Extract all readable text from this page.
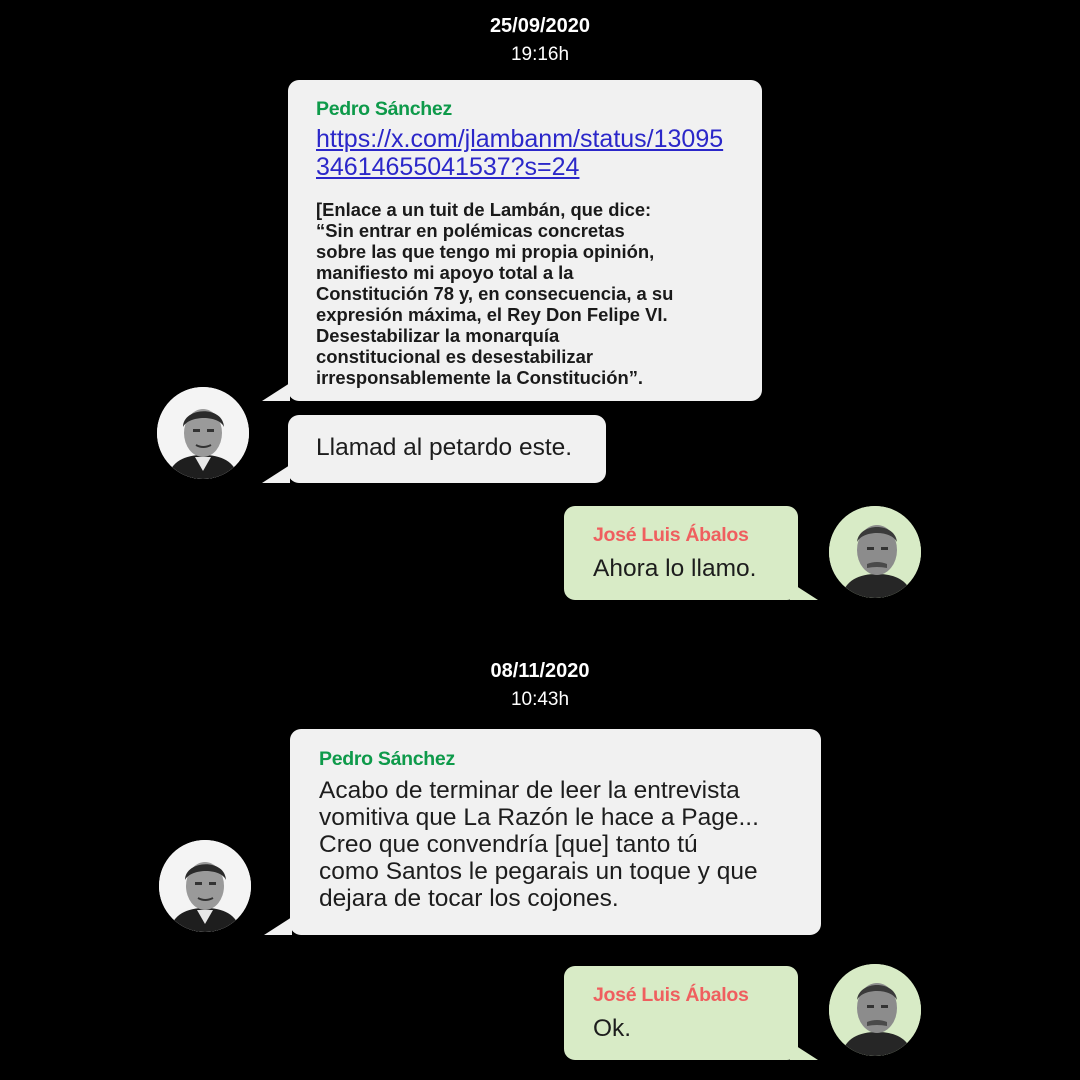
25/09/2020
19:16h
Pedro Sánchez
https://x.com/jlambanm/status/1309534614655041537?s=24
[Enlace a un tuit de Lambán, que dice:
“Sin entrar en polémicas concretas
sobre las que tengo mi propia opinión,
manifiesto mi apoyo total a la
Constitución 78 y, en consecuencia, a su
expresión máxima, el Rey Don Felipe VI.
Desestabilizar la monarquía
constitucional es desestabilizar
irresponsablemente la Constitución”.
Llamad al petardo este.
José Luis Ábalos
Ahora lo llamo.
08/11/2020
10:43h
Pedro Sánchez
Acabo de terminar de leer la entrevista
vomitiva que La Razón le hace a Page...
Creo que convendría [que] tanto tú
como Santos le pegarais un toque y que
dejara de tocar los cojones.
José Luis Ábalos
Ok.
